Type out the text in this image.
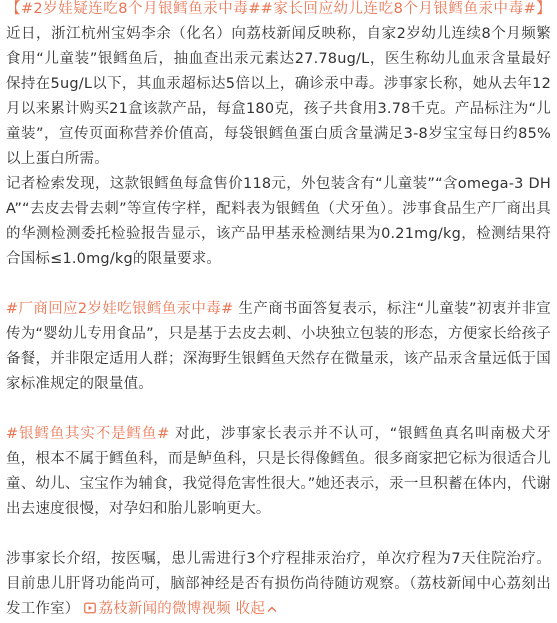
【#2岁娃疑连吃8个月银鳕鱼汞中毒##家长回应幼儿连吃8个月银鳕鱼汞中毒#】近日，浙江杭州宝妈李余（化名）向荔枝新闻反映称，自家2岁幼儿连续8个月频繁食用“儿童装”银鳕鱼后，抽血查出汞元素达27.78ug/L，医生称幼儿血汞含量最好保持在5ug/L以下，其血汞超标达5倍以上，确诊汞中毒。涉事家长称，她从去年12月以来累计购买21盒该款产品，每盒180克，孩子共食用3.78千克。产品标注为“儿童装”，宣传页面称营养价值高，每袋银鳕鱼蛋白质含量满足3-8岁宝宝每日约85%以上蛋白所需。

记者检索发现，这款银鳕鱼每盒售价118元，外包装含有“儿童装”“含omega-3 DHA”“去皮去骨去刺”等宣传字样，配料表为银鳕鱼（犬牙鱼）。涉事食品生产厂商出具的华测检测委托检验报告显示，该产品甲基汞检测结果为0.21mg/kg，检测结果符合国标≤1.0mg/kg的限量要求。

#厂商回应2岁娃吃银鳕鱼汞中毒# 生产商书面答复表示，标注“儿童装”初衷并非宣传为“婴幼儿专用食品”，只是基于去皮去刺、小块独立包装的形态，方便家长给孩子备餐，并非限定适用人群；深海野生银鳕鱼天然存在微量汞，该产品汞含量远低于国家标准规定的限量值。

#银鳕鱼其实不是鳕鱼# 对此，涉事家长表示并不认可，“银鳕鱼真名叫南极犬牙鱼，根本不属于鳕鱼科，而是鲈鱼科，只是长得像鳕鱼。很多商家把它标为很适合儿童、幼儿、宝宝作为辅食，我觉得危害性很大。”她还表示，汞一旦积蓄在体内，代谢出去速度很慢，对孕妇和胎儿影响更大。

涉事家长介绍，按医嘱，患儿需进行3个疗程排汞治疗，单次疗程为7天住院治疗。目前患儿肝肾功能尚可，脑部神经是否有损伤尚待随访观察。（荔枝新闻中心荔刻出发工作室） 荔枝新闻的微博视频 收起
